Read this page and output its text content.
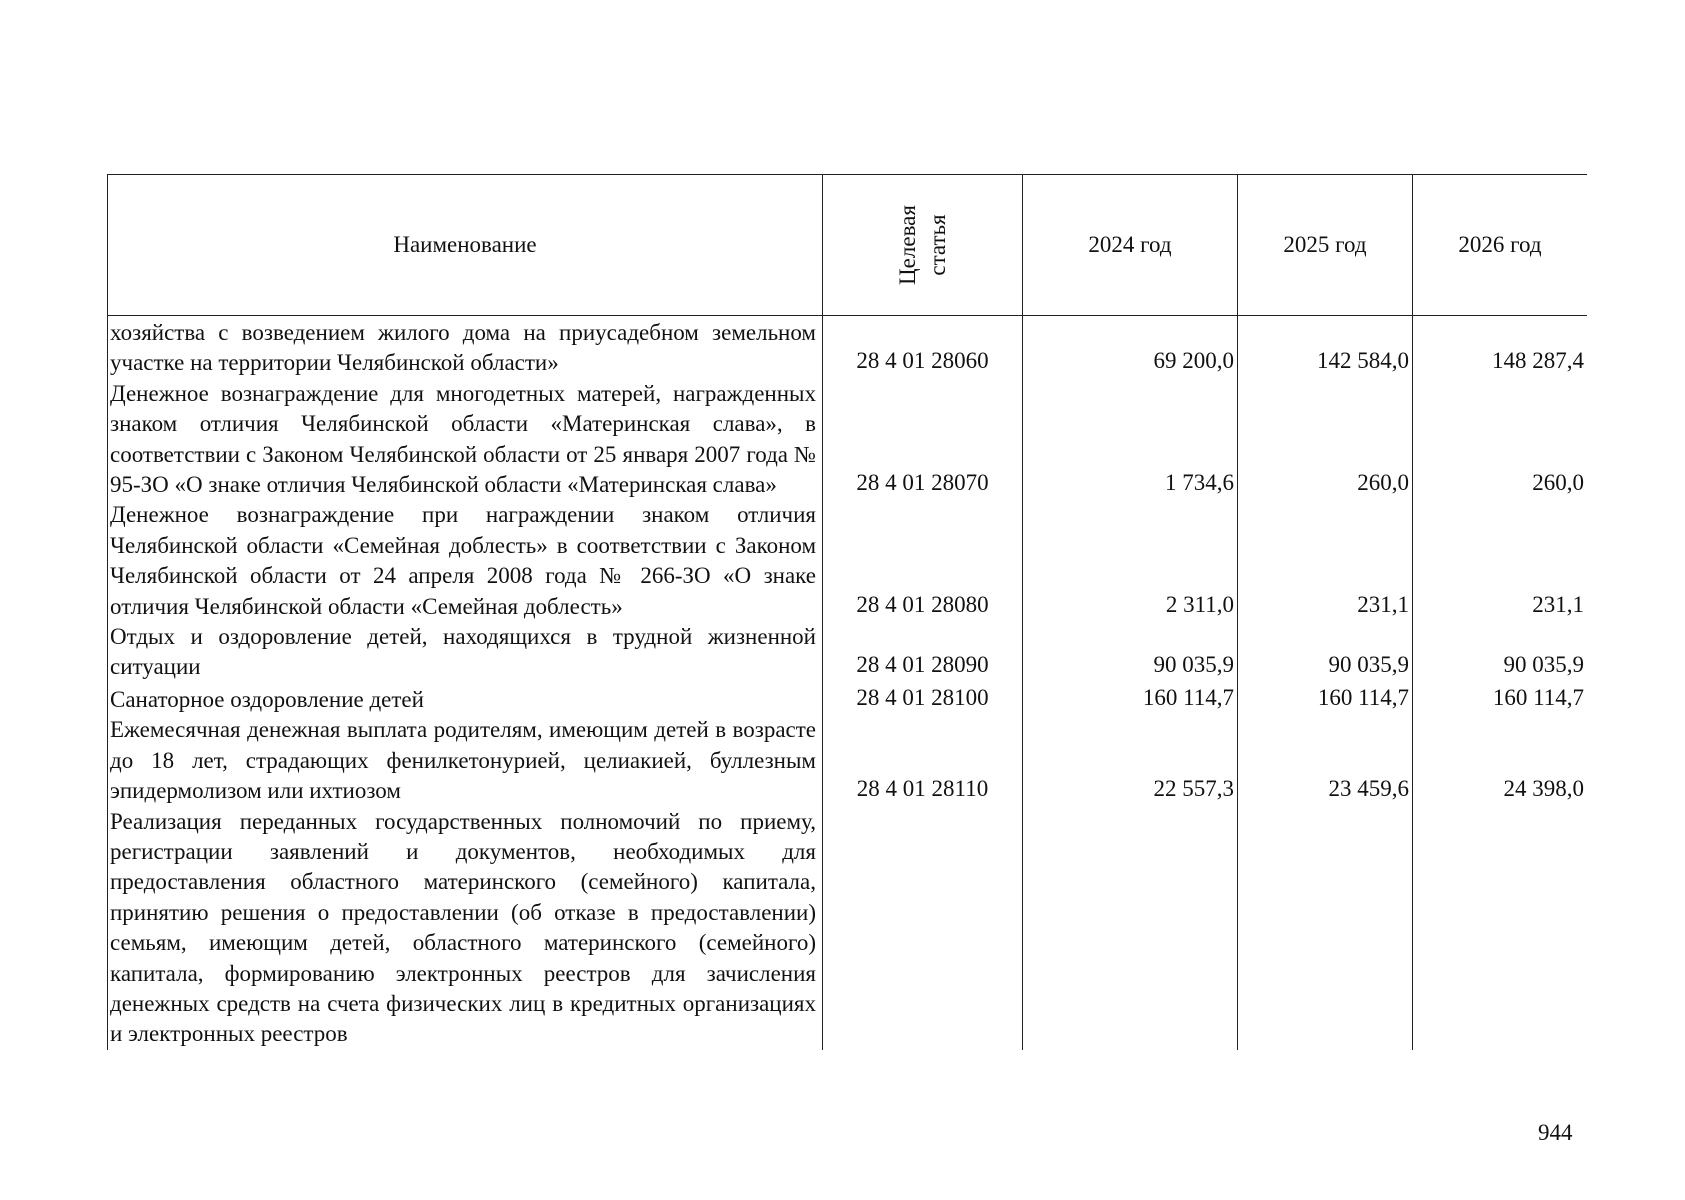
Наименование	Целевая статья	2024 год	2025 год	2026 год
хозяйства с возведением жилого дома на приусадебном земельном участке на территории Челябинской области»	28 4 01 28060	69 200,0	142 584,0	148 287,4
Денежное вознаграждение для многодетных матерей, награжденных знаком отличия Челябинской области «Материнская слава», в соответствии с Законом Челябинской области от 25 января 2007 года № 95-ЗО «О знаке отличия Челябинской области «Материнская слава»	28 4 01 28070	1 734,6	260,0	260,0
Денежное вознаграждение при награждении знаком отличия Челябинской области «Семейная доблесть» в соответствии с Законом Челябинской области от 24 апреля 2008 года № 266-ЗО «О знаке отличия Челябинской области «Семейная доблесть»	28 4 01 28080	2 311,0	231,1	231,1
Отдых и оздоровление детей, находящихся в трудной жизненной ситуации	28 4 01 28090	90 035,9	90 035,9	90 035,9
Санаторное оздоровление детей	28 4 01 28100	160 114,7	160 114,7	160 114,7
Ежемесячная денежная выплата родителям, имеющим детей в возрасте до 18 лет, страдающих фенилкетонурией, целиакией, буллезным эпидермолизом или ихтиозом	28 4 01 28110	22 557,3	23 459,6	24 398,0
Реализация переданных государственных полномочий по приему, регистрации заявлений и документов, необходимых для предоставления областного материнского (семейного) капитала, принятию решения о предоставлении (об отказе в предоставлении) семьям, имеющим детей, областного материнского (семейного) капитала, формированию электронных реестров для зачисления денежных средств на счета физических лиц в кредитных организациях и электронных реестров				
944
